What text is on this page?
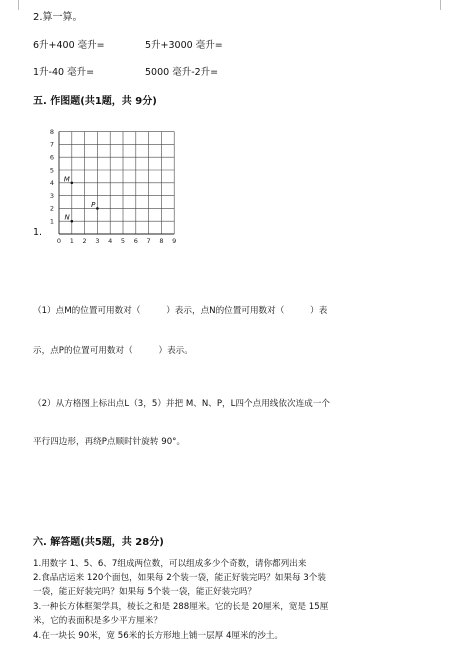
2.算一算。
6升+400 毫升=	5升+3000 毫升=
1升-40 毫升=	5000 毫升-2升=
五. 作图题(共1题，共 9分)
1.
0 1 2 3 4 5 6 7 8 9
1
2
3
4
5
6
7
8
M
N
P
（1）点M的位置可用数对（　　　）表示，点N的位置可用数对（　　　）表
示，点P的位置可用数对（　　　）表示。
（2）从方格图上标出点L（3，5）并把 M、N、P，L四个点用线依次连成一个
平行四边形，再绕P点顺时针旋转 90°。
六. 解答题(共5题，共 28分)
1.用数字 1、5、6、7组成两位数，可以组成多少个奇数，请你都列出来
2.食品店运来 120个面包，如果每 2个装一袋，能正好装完吗？如果每 3个装
一袋，能正好装完吗？如果每 5个装一袋，能正好装完吗？
3.一种长方体框架学具，棱长之和是 288厘米。它的长是 20厘米，宽是 15厘
米，它的表面积是多少平方厘米？
4.在一块长 90米，宽 56米的长方形地上铺一层厚 4厘米的沙土。
